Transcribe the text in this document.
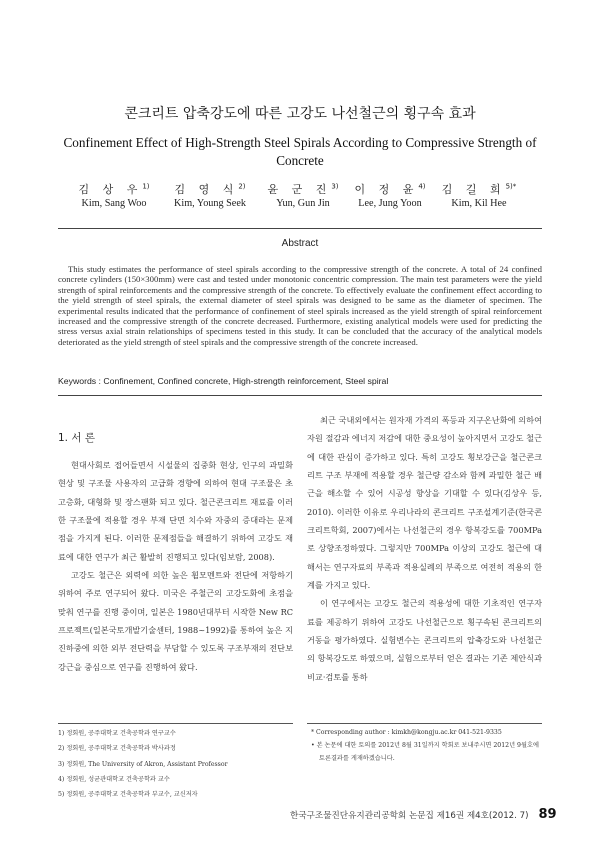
콘크리트 압축강도에 따른 고강도 나선철근의 횡구속 효과
Confinement Effect of High-Strength Steel Spirals According to Compressive Strength of Concrete
김 상 우$^{1)}$
Kim, Sang Woo
김 영 식$^{2)}$
Kim, Young Seek
윤 군 진$^{3)}$
Yun, Gun Jin
이 정 윤$^{4)}$
Lee, Jung Yoon
김 길 희$^{5)*}$
Kim, Kil Hee
Abstract
This study estimates the performance of steel spirals according to the compressive strength of the concrete. A total of 24 confined concrete cylinders (150×300mm) were cast and tested under monotonic concentric compression. The main test parameters were the yield strength of spiral reinforcements and the compressive strength of the concrete. To effectively evaluate the confinement effect according to the yield strength of steel spirals, the external diameter of steel spirals was designed to be same as the diameter of specimen. The experimental results indicated that the performance of confinement of steel spirals increased as the yield strength of spiral reinforcement increased and the compressive strength of the concrete decreased. Furthermore, existing analytical models were used for predicting the stress versus axial strain relationships of specimens tested in this study. It can be concluded that the accuracy of the analytical models deteriorated as the yield strength of steel spirals and the compressive strength of the concrete increased.
Keywords : Confinement, Confined concrete, High-strength reinforcement, Steel spiral
1. 서 론

현대사회로 접어들면서 시설물의 집중화 현상, 인구의 과밀화 현상 및 구조물 사용자의 고급화 경향에 의하여 현대 구조물은 초고층화, 대형화 및 장스팬화 되고 있다. 철근콘크리트 재료를 이러한 구조물에 적용할 경우 부재 단면 치수와 자중의 증대라는 문제점을 가지게 된다. 이러한 문제점들을 해결하기 위하여 고강도 재료에 대한 연구가 최근 활발히 진행되고 있다(임보람, 2008).

고강도 철근은 외력에 의한 높은 휨모멘트와 전단에 저항하기 위하여 주로 연구되어 왔다. 미국은 주철근의 고강도화에 초점을 맞춰 연구를 진행 중이며, 일본은 1980년대부터 시작한 New RC 프로젝트(일본국토개발기술센터, 1988~1992)를 통하여 높은 지진하중에 의한 외부 전단력을 부담할 수 있도록 구조부재의 전단보강근을 중심으로 연구를 진행하여 왔다.

최근 국내외에서는 원자재 가격의 폭등과 지구온난화에 의하여 자원 절감과 에너지 저감에 대한 중요성이 높아지면서 고강도 철근에 대한 관심이 증가하고 있다. 특히 고강도 횡보강근을 철근콘크리트 구조 부재에 적용할 경우 철근량 감소와 함께 과밀한 철근 배근을 해소할 수 있어 시공성 향상을 기대할 수 있다(김상우 등, 2010). 이러한 이유로 우리나라의 콘크리트 구조설계기준(한국콘크리트학회, 2007)에서는 나선철근의 경우 항복강도를 700MPa로 상향조정하였다. 그렇지만 700MPa 이상의 고강도 철근에 대해서는 연구자료의 부족과 적용실례의 부족으로 여전히 적용의 한계를 가지고 있다.

이 연구에서는 고강도 철근의 적용성에 대한 기초적인 연구자료를 제공하기 위하여 고강도 나선철근으로 횡구속된 콘크리트의 거동을 평가하였다. 실험변수는 콘크리트의 압축강도와 나선철근의 항복강도로 하였으며, 실험으로부터 얻은 결과는 기존 제안식과 비교·검토를 통하

1) 정회원, 공주대학교 건축공학과 연구교수
2) 정회원, 공주대학교 건축공학과 박사과정
3) 정회원, The University of Akron, Assistant Professor
4) 정회원, 성균관대학교 건축공학과 교수
5) 정회원, 공주대학교 건축공학과 부교수, 교신저자
* Corresponding author : kimkh@kongju.ac.kr 041-521-9335
• 본 논문에 대한 토의를 2012년 8월 31일까지 학회로 보내주시면 2012년 9월호에 토론결과를 게재하겠습니다.
한국구조물진단유지관리공학회 논문집 제16권 제4호(2012. 7) 89
